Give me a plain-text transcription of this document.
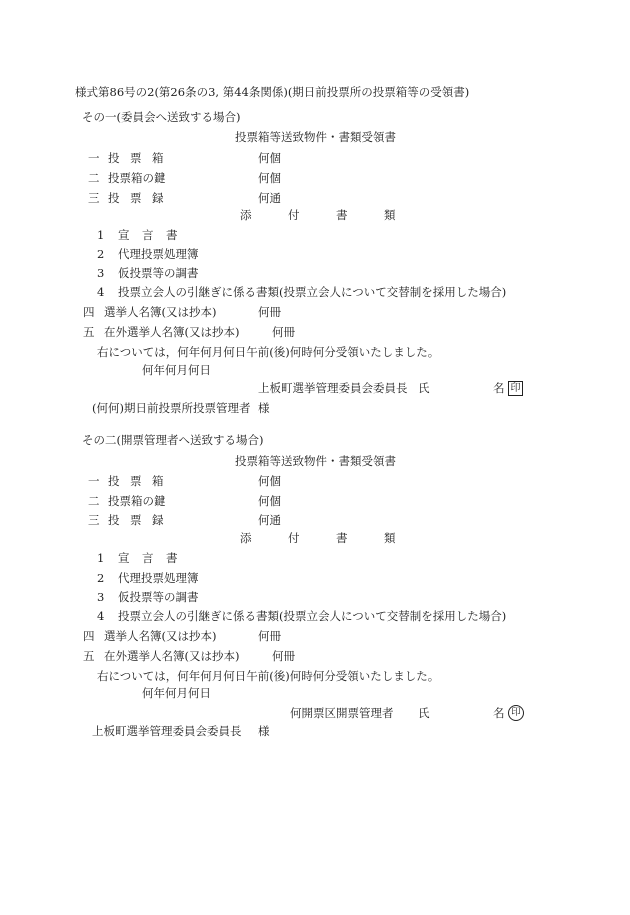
様式第86号の2(第26条の3, 第44条関係)(期日前投票所の投票箱等の受領書)
その一(委員会へ送致する場合)
投票箱等送致物件・書類受領書
一 投票箱	何個
二 投票箱の鍵	何個
三 投票録	何通
添付書類
1 宣言書
2 代理投票処理簿
3 仮投票等の調書
4 投票立会人の引継ぎに係る書類(投票立会人について交替制を採用した場合)
四 選挙人名簿(又は抄本)	何冊
五 在外選挙人名簿(又は抄本)	何冊
右については，何年何月何日午前(後)何時何分受領いたしました。
何年何月何日
上板町選挙管理委員会委員長 氏	名 印
(何何)期日前投票所投票管理者 様
その二(開票管理者へ送致する場合)
投票箱等送致物件・書類受領書
一 投票箱	何個
二 投票箱の鍵	何個
三 投票録	何通
添付書類
1 宣言書
2 代理投票処理簿
3 仮投票等の調書
4 投票立会人の引継ぎに係る書類(投票立会人について交替制を採用した場合)
四 選挙人名簿(又は抄本)	何冊
五 在外選挙人名簿(又は抄本)	何冊
右については，何年何月何日午前(後)何時何分受領いたしました。
何年何月何日
何開票区開票管理者 氏	名 印
上板町選挙管理委員会委員長 様
